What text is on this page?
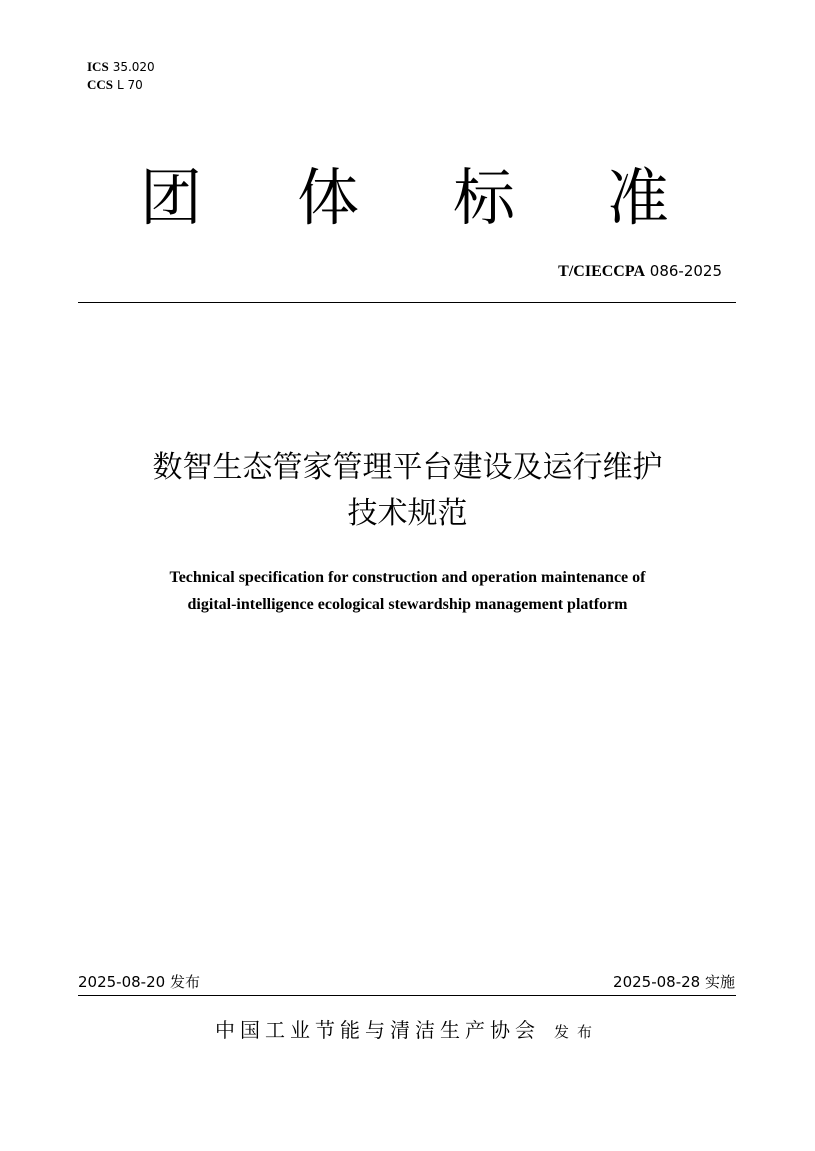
ICS 35.020
CCS L 70
团 体 标 准
T/CIECCPA 086-2025
数智生态管家管理平台建设及运行维护
技术规范
Technical specification for construction and operation maintenance of
digital-intelligence ecological stewardship management platform
2025-08-20 发布	2025-08-28 实施
中国工业节能与清洁生产协会 发布
